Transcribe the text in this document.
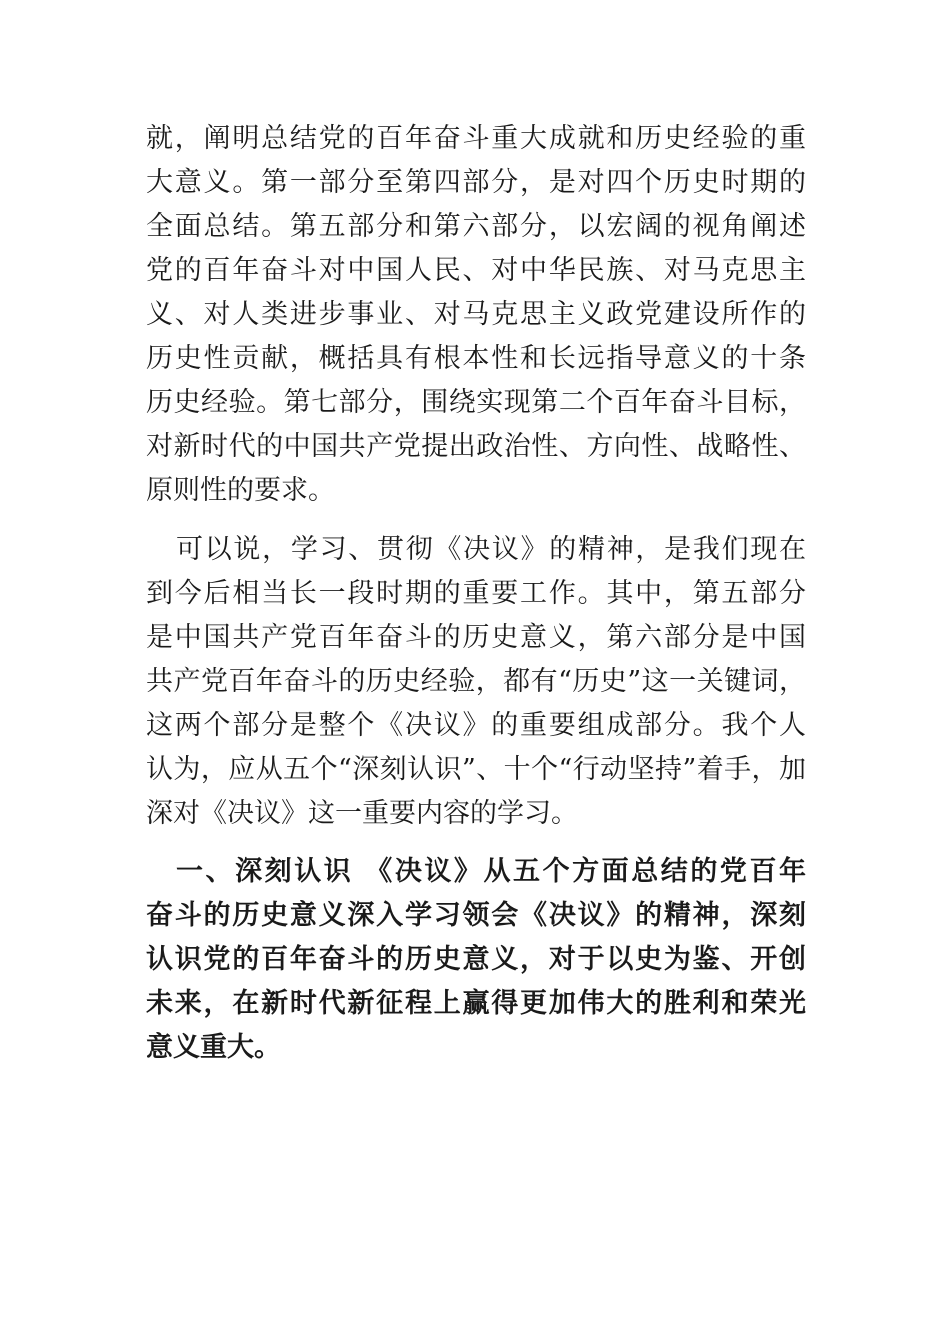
就，阐明总结党的百年奋斗重大成就和历史经验的重
大意义。第一部分至第四部分，是对四个历史时期的
全面总结。第五部分和第六部分，以宏阔的视角阐述
党的百年奋斗对中国人民、对中华民族、对马克思主
义、对人类进步事业、对马克思主义政党建设所作的
历史性贡献，概括具有根本性和长远指导意义的十条
历史经验。第七部分，围绕实现第二个百年奋斗目标，
对新时代的中国共产党提出政治性、方向性、战略性、
原则性的要求。
可以说，学习、贯彻《决议》的精神，是我们现在
到今后相当长一段时期的重要工作。其中，第五部分
是中国共产党百年奋斗的历史意义，第六部分是中国
共产党百年奋斗的历史经验，都有“历史”这一关键词，
这两个部分是整个《决议》的重要组成部分。我个人
认为，应从五个“深刻认识”、十个“行动坚持”着手，加
深对《决议》这一重要内容的学习。
一、深刻认识 《决议》从五个方面总结的党百年
奋斗的历史意义深入学习领会《决议》的精神，深刻
认识党的百年奋斗的历史意义，对于以史为鉴、开创
未来，在新时代新征程上赢得更加伟大的胜利和荣光
意义重大。
